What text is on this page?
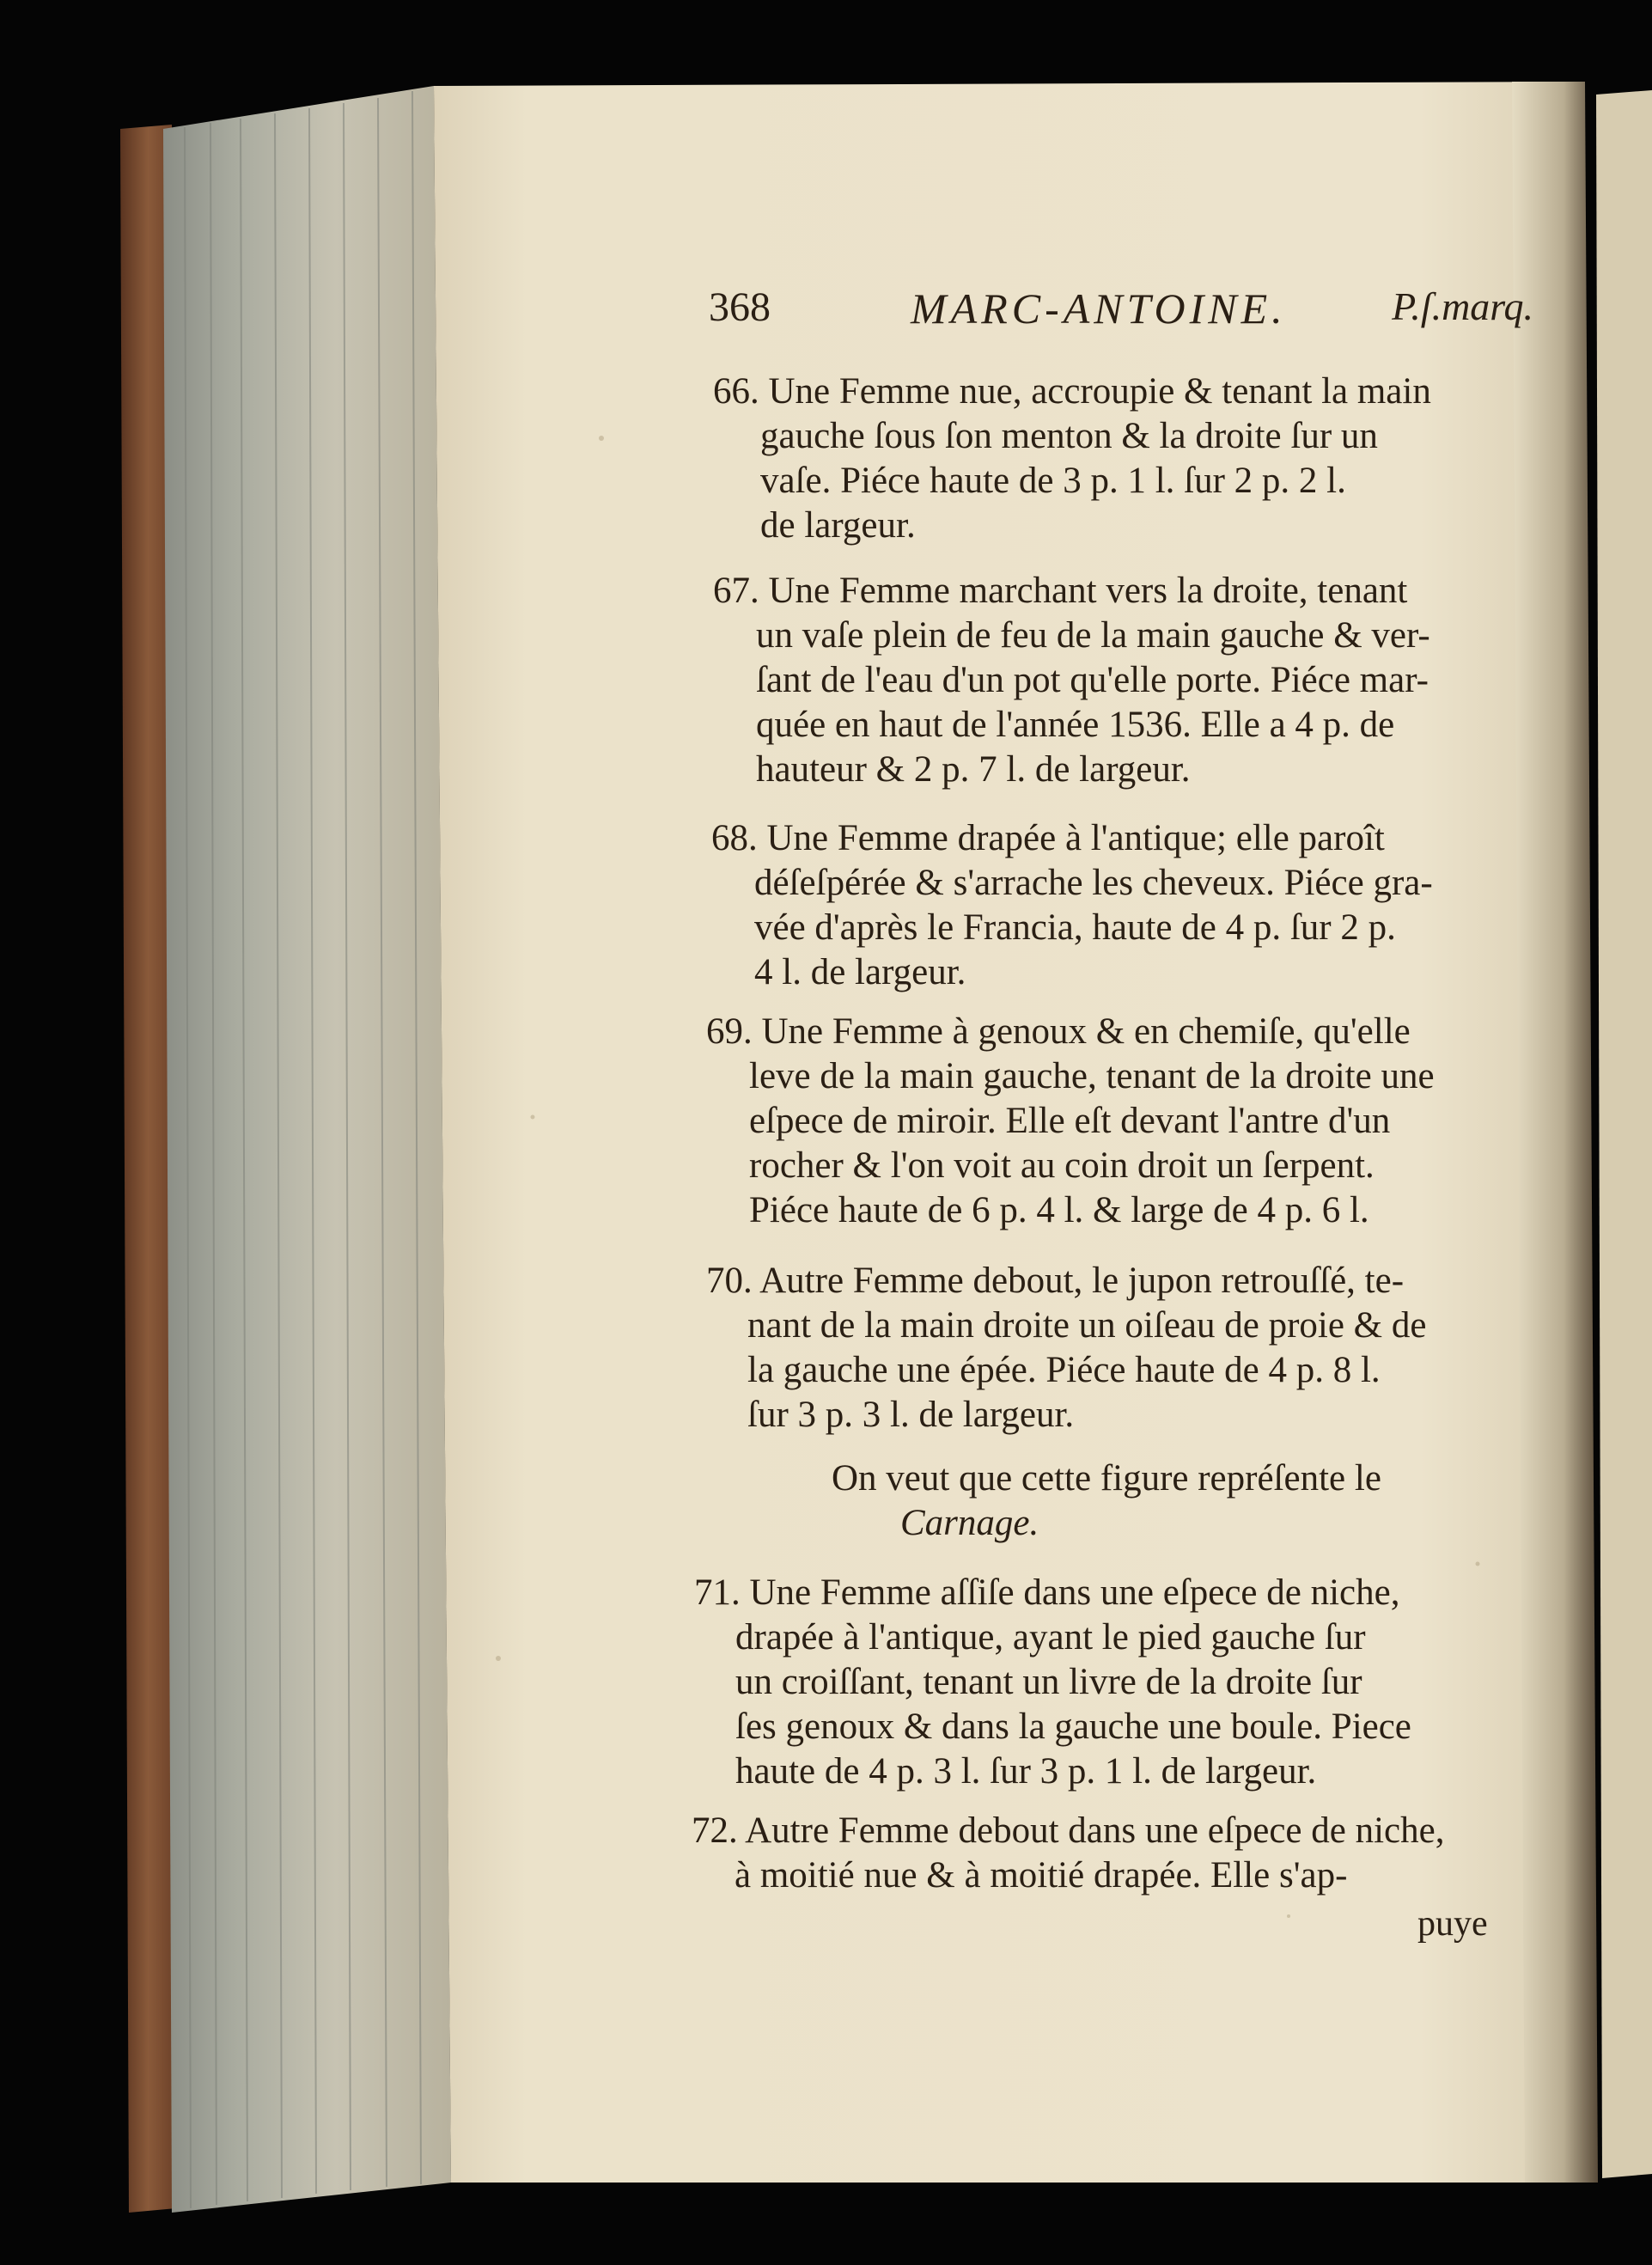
368	MARC-ANTOINE.	P.ſ.marq.
66. Une Femme nue, accroupie & tenant la main
gauche ſous ſon menton & la droite ſur un
vaſe. Piéce haute de 3 p. 1 l. ſur 2 p. 2 l.
de largeur.
67. Une Femme marchant vers la droite, tenant
un vaſe plein de feu de la main gauche & ver-
ſant de l'eau d'un pot qu'elle porte. Piéce mar-
quée en haut de l'année 1536. Elle a 4 p. de
hauteur & 2 p. 7 l. de largeur.
68. Une Femme drapée à l'antique; elle paroît
déſeſpérée & s'arrache les cheveux. Piéce gra-
vée d'après le Francia, haute de 4 p. ſur 2 p.
4 l. de largeur.
69. Une Femme à genoux & en chemiſe, qu'elle
leve de la main gauche, tenant de la droite une
eſpece de miroir. Elle eſt devant l'antre d'un
rocher & l'on voit au coin droit un ſerpent.
Piéce haute de 6 p. 4 l. & large de 4 p. 6 l.
70. Autre Femme debout, le jupon retrouſſé, te-
nant de la main droite un oiſeau de proie & de
la gauche une épée. Piéce haute de 4 p. 8 l.
ſur 3 p. 3 l. de largeur.
On veut que cette figure repréſente le
Carnage.
71. Une Femme aſſiſe dans une eſpece de niche,
drapée à l'antique, ayant le pied gauche ſur
un croiſſant, tenant un livre de la droite ſur
ſes genoux & dans la gauche une boule. Piece
haute de 4 p. 3 l. ſur 3 p. 1 l. de largeur.
72. Autre Femme debout dans une eſpece de niche,
à moitié nue & à moitié drapée. Elle s'ap-
puye
